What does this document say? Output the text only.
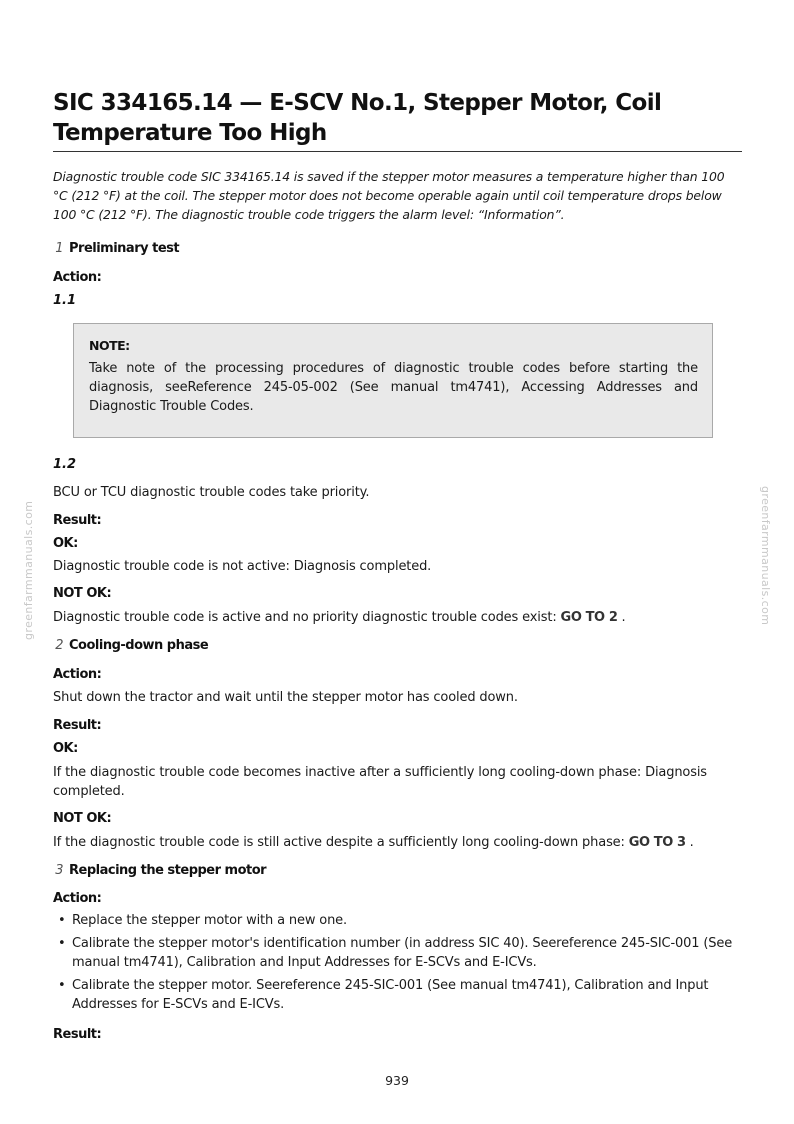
greenfarmmanuals.com	greenfarmmanuals.com
SIC 334165.14 — E-SCV No.1, Stepper Motor, Coil Temperature Too High

Diagnostic trouble code SIC 334165.14 is saved if the stepper motor measures a temperature higher than 100 °C (212 °F) at the coil. The stepper motor does not become operable again until coil temperature drops below 100 °C (212 °F). The diagnostic trouble code triggers the alarm level: “Information”.

1 Preliminary test
Action:
1.1
NOTE:
Take note of the processing procedures of diagnostic trouble codes before starting the diagnosis, seeReference 245-05-002 (See manual tm4741), Accessing Addresses and Diagnostic Trouble Codes.
1.2
BCU or TCU diagnostic trouble codes take priority.
Result:
OK:
Diagnostic trouble code is not active: Diagnosis completed.
NOT OK:
Diagnostic trouble code is active and no priority diagnostic trouble codes exist: GO TO 2 .
2 Cooling-down phase
Action:
Shut down the tractor and wait until the stepper motor has cooled down.
Result:
OK:
If the diagnostic trouble code becomes inactive after a sufficiently long cooling-down phase: Diagnosis completed.
NOT OK:
If the diagnostic trouble code is still active despite a sufficiently long cooling-down phase: GO TO 3 .
3 Replacing the stepper motor
Action:
• Replace the stepper motor with a new one.
• Calibrate the stepper motor's identification number (in address SIC 40). Seereference 245-SIC-001 (See manual tm4741), Calibration and Input Addresses for E-SCVs and E-ICVs.
• Calibrate the stepper motor. Seereference 245-SIC-001 (See manual tm4741), Calibration and Input Addresses for E-SCVs and E-ICVs.
Result:
939
